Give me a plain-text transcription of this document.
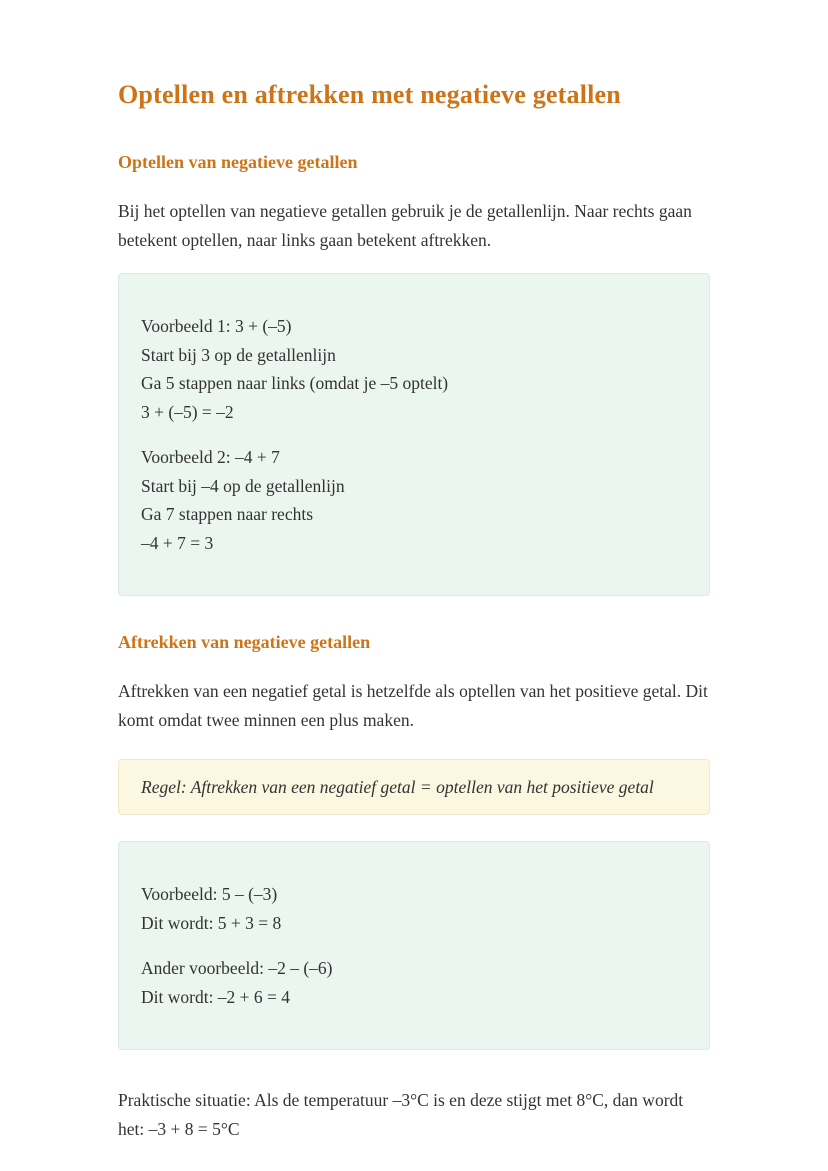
Optellen en aftrekken met negatieve getallen
Optellen van negatieve getallen

Bij het optellen van negatieve getallen gebruik je de getallenlijn. Naar rechts gaan betekent optellen, naar links gaan betekent aftrekken.

Voorbeeld 1: 3 + (–5)

Start bij 3 op de getallenlijn

Ga 5 stappen naar links (omdat je –5 optelt)

3 + (–5) = –2

Voorbeeld 2: –4 + 7

Start bij –4 op de getallenlijn

Ga 7 stappen naar rechts

–4 + 7 = 3

Aftrekken van negatieve getallen

Aftrekken van een negatief getal is hetzelfde als optellen van het positieve getal. Dit komt omdat twee minnen een plus maken.

Regel: Aftrekken van een negatief getal = optellen van het positieve getal

Voorbeeld: 5 – (–3)

Dit wordt: 5 + 3 = 8

Ander voorbeeld: –2 – (–6)

Dit wordt: –2 + 6 = 4

Praktische situatie: Als de temperatuur –3°C is en deze stijgt met 8°C, dan wordt het: –3 + 8 = 5°C
